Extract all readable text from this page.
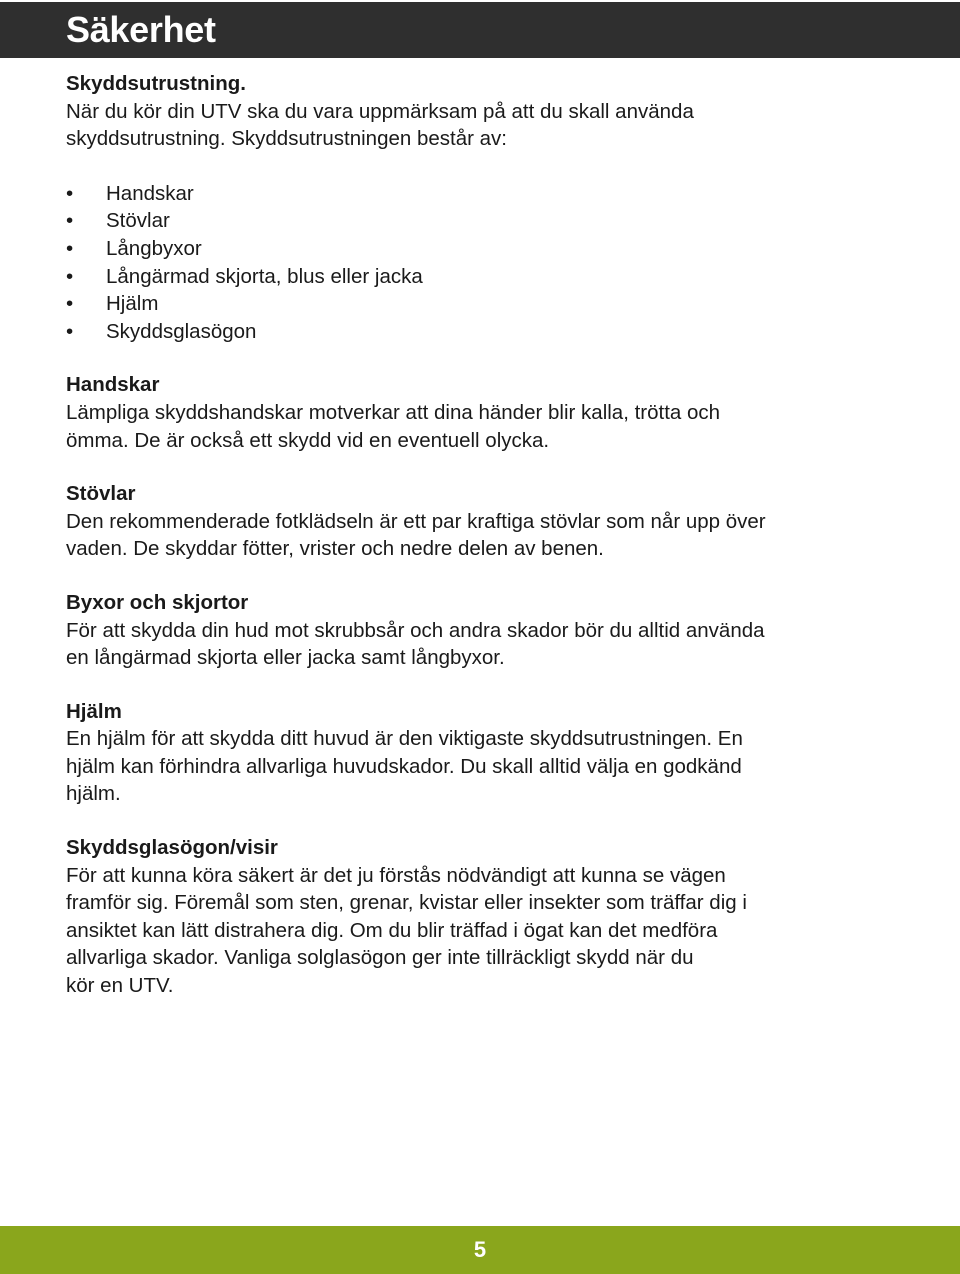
Säkerhet

Skyddsutrustning.

När du kör din UTV ska du vara uppmärksam på att du skall använda

skyddsutrustning. Skyddsutrustningen består av:

•	Handskar
•	Stövlar
•	Långbyxor
•	Långärmad skjorta, blus eller jacka
•	Hjälm
•	Skyddsglasögon

Handskar

Lämpliga skyddshandskar motverkar att dina händer blir kalla, trötta och

ömma. De är också ett skydd vid en eventuell olycka.

Stövlar

Den rekommenderade fotklädseln är ett par kraftiga stövlar som når upp över

vaden. De skyddar fötter, vrister och nedre delen av benen.

Byxor och skjortor

För att skydda din hud mot skrubbsår och andra skador bör du alltid använda

en långärmad skjorta eller jacka samt långbyxor.

Hjälm

En hjälm för att skydda ditt huvud är den viktigaste skyddsutrustningen. En

hjälm kan förhindra allvarliga huvudskador. Du skall alltid välja en godkänd

hjälm.

Skyddsglasögon/visir

För att kunna köra säkert är det ju förstås nödvändigt att kunna se vägen

framför sig. Föremål som sten, grenar, kvistar eller insekter som träffar dig i

ansiktet kan lätt distrahera dig. Om du blir träffad i ögat kan det medföra

allvarliga skador. Vanliga solglasögon ger inte tillräckligt skydd när du

kör en UTV.

5
